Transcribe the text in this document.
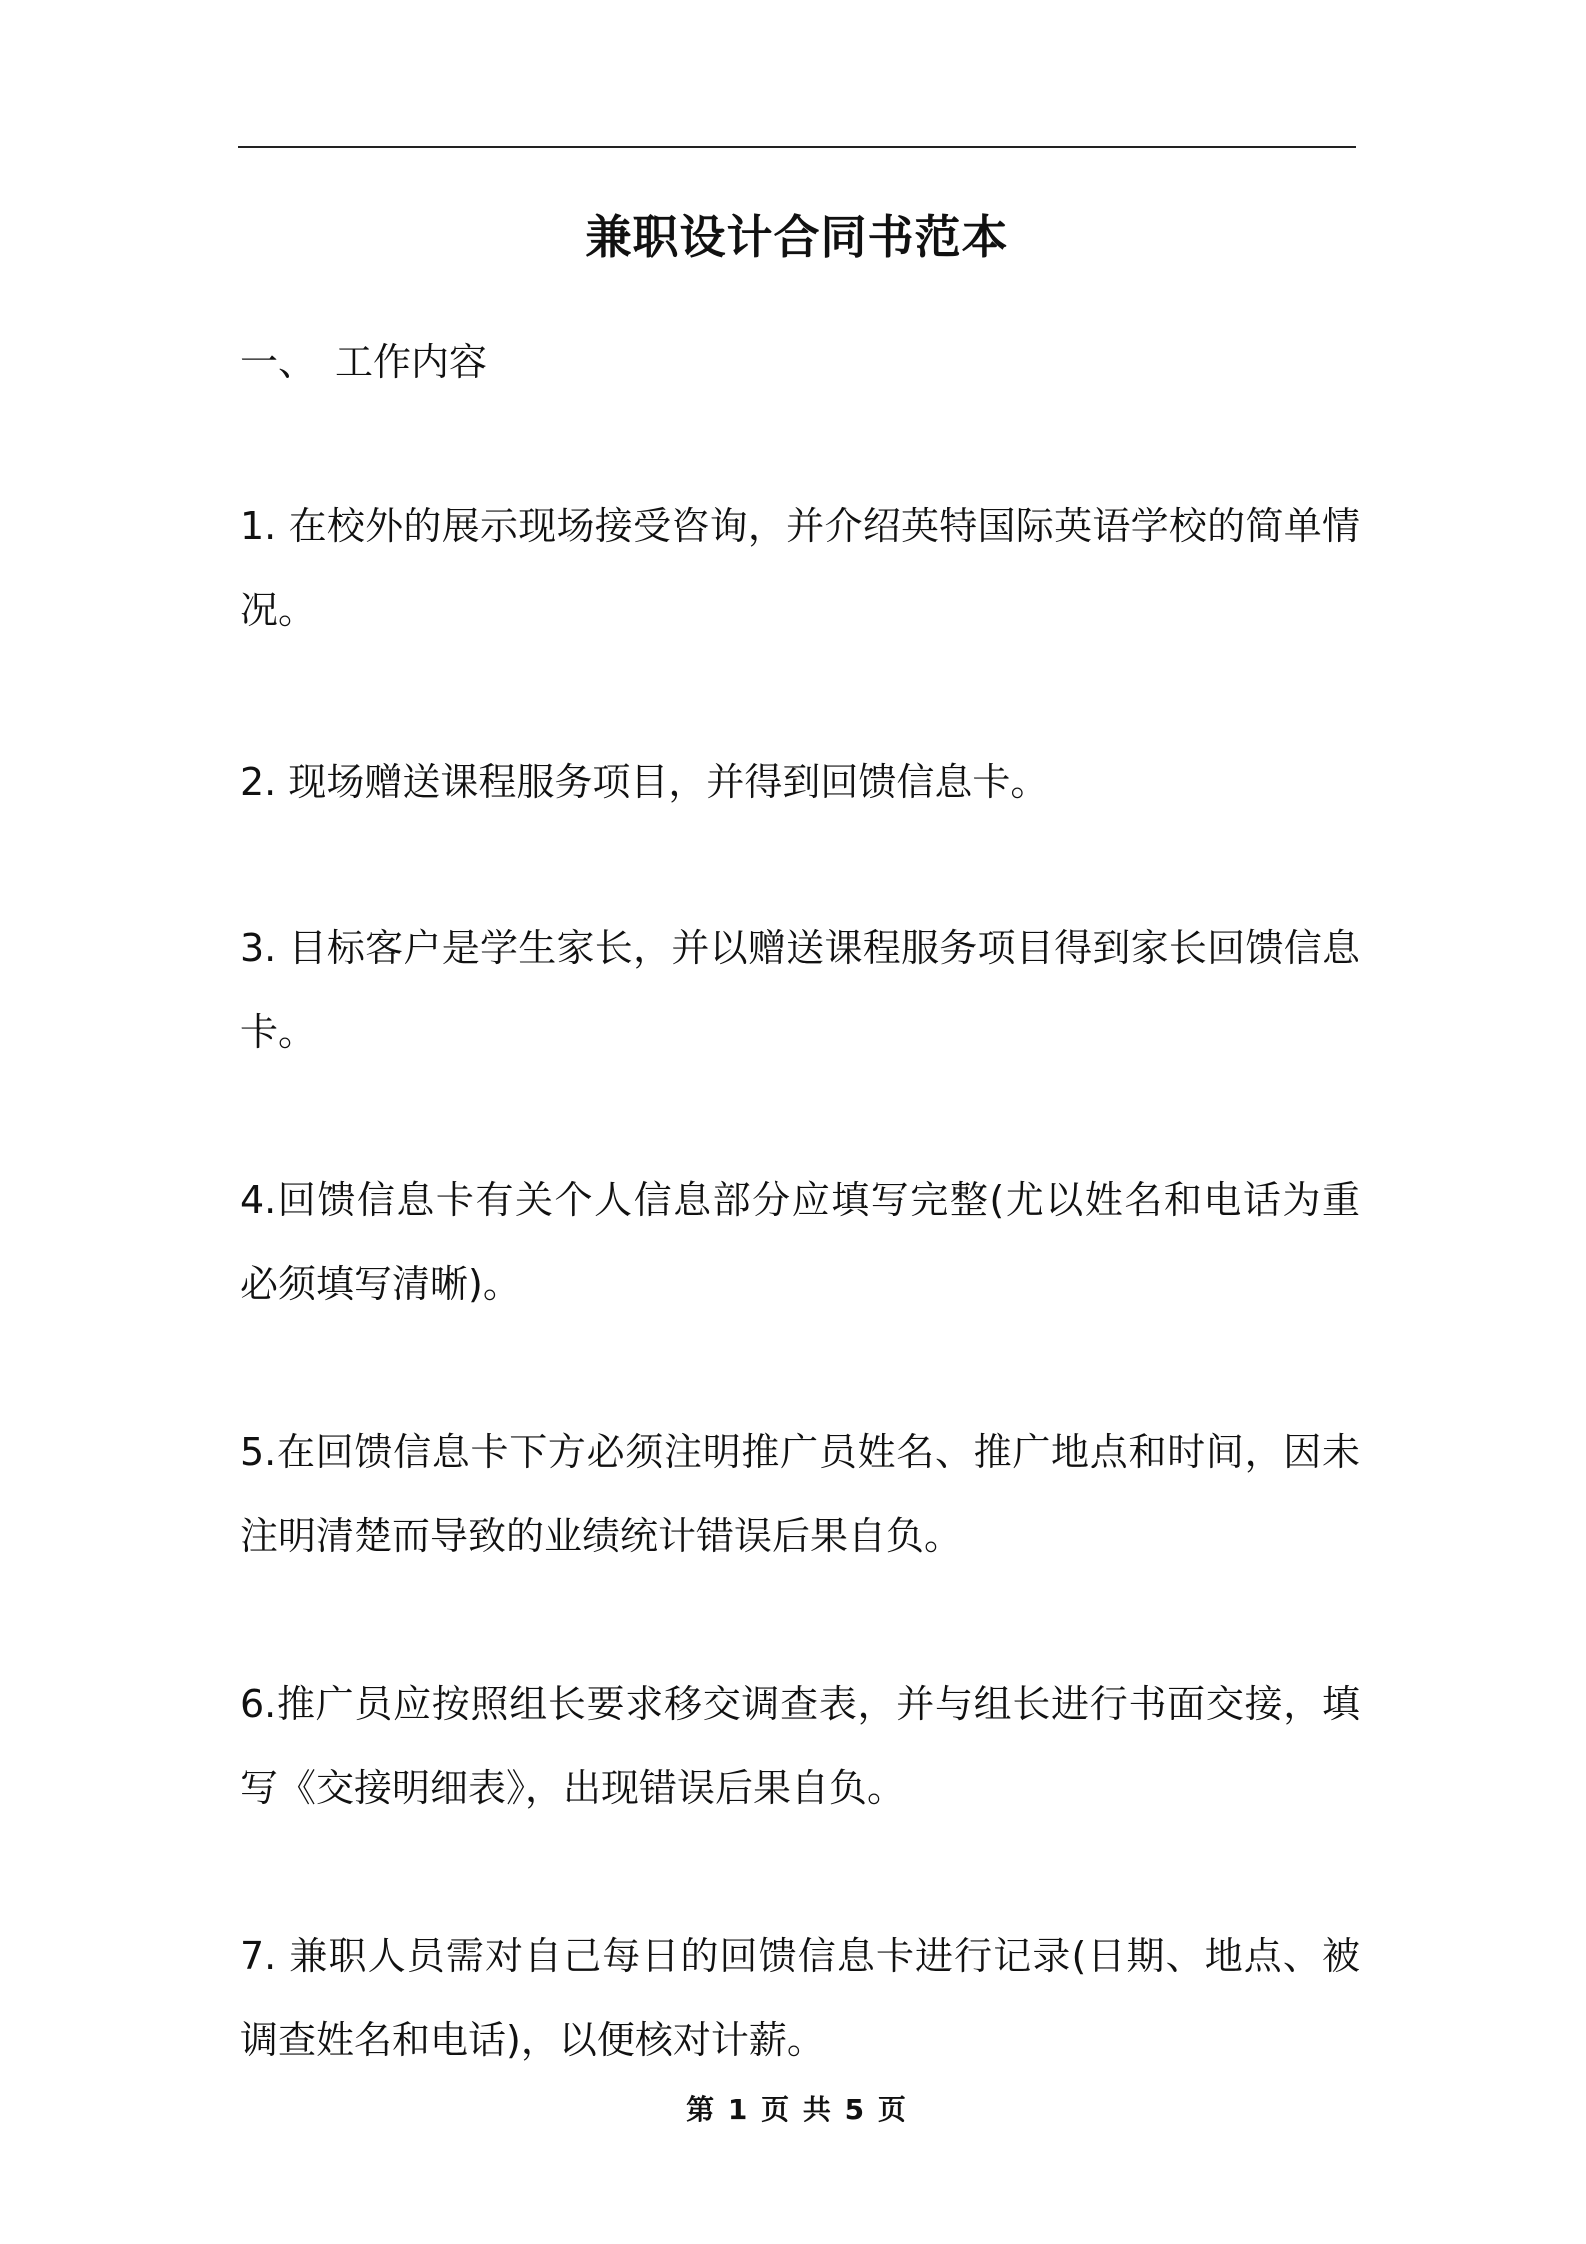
兼职设计合同书范本
一、 工作内容
1. 在校外的展示现场接受咨询，并介绍英特国际英语学校的简单情况。
2. 现场赠送课程服务项目，并得到回馈信息卡。
3. 目标客户是学生家长，并以赠送课程服务项目得到家长回馈信息卡。
4.回馈信息卡有关个人信息部分应填写完整(尤以姓名和电话为重 必须填写清晰)。
5.在回馈信息卡下方必须注明推广员姓名、推广地点和时间，因未注明清楚而导致的业绩统计错误后果自负。
6.推广员应按照组长要求移交调查表，并与组长进行书面交接，填写《交接明细表》，出现错误后果自负。
7. 兼职人员需对自己每日的回馈信息卡进行记录(日期、地点、被调查姓名和电话)，以便核对计薪。
第 1 页 共 5 页
